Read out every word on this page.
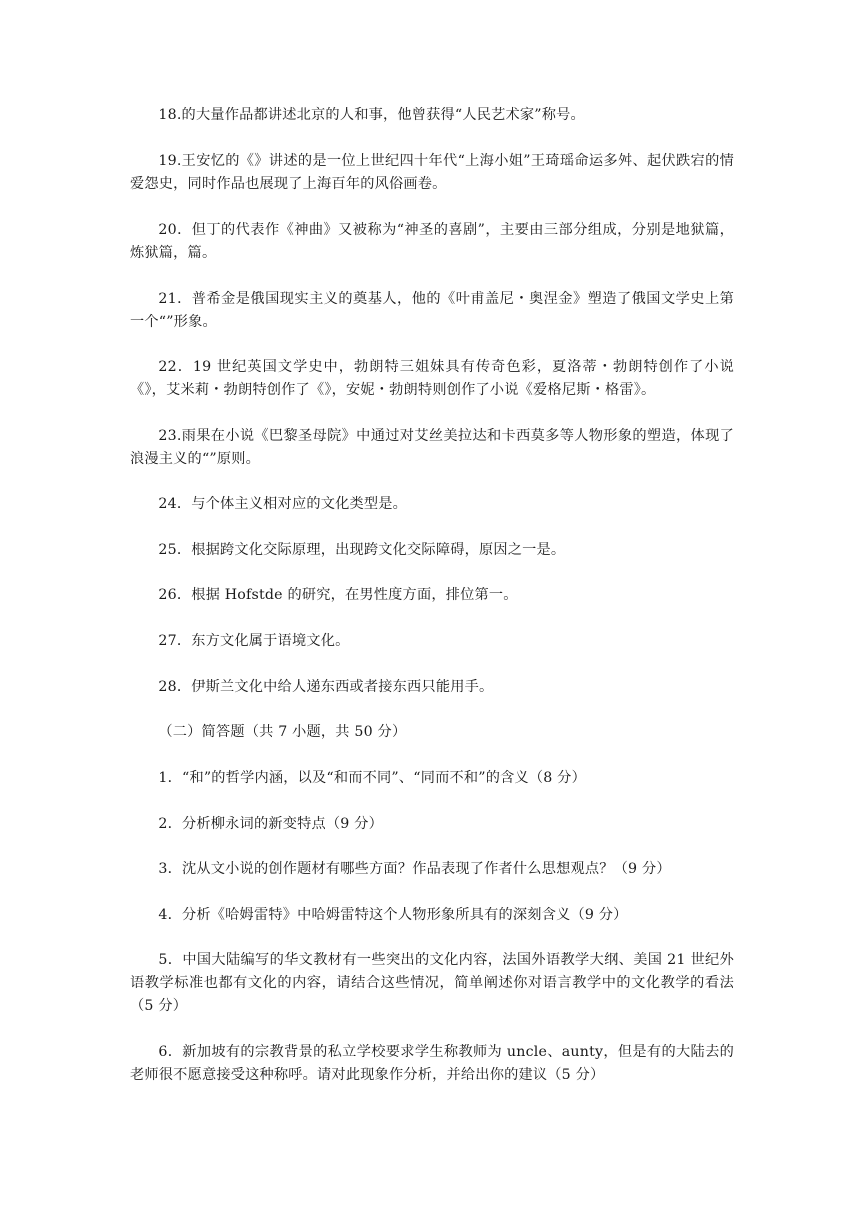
18.的大量作品都讲述北京的人和事，他曾获得“人民艺术家”称号。

19.王安忆的《》讲述的是一位上世纪四十年代“上海小姐”王琦瑶命运多舛、起伏跌宕的情爱怨史，同时作品也展现了上海百年的风俗画卷。

20．但丁的代表作《神曲》又被称为“神圣的喜剧”，主要由三部分组成，分别是地狱篇，炼狱篇，篇。

21．普希金是俄国现实主义的奠基人，他的《叶甫盖尼・奥涅金》塑造了俄国文学史上第一个“”形象。

22．19 世纪英国文学史中，勃朗特三姐妹具有传奇色彩，夏洛蒂・勃朗特创作了小说《》，艾米莉・勃朗特创作了《》，安妮・勃朗特则创作了小说《爱格尼斯・格雷》。

23.雨果在小说《巴黎圣母院》中通过对艾丝美拉达和卡西莫多等人物形象的塑造，体现了浪漫主义的“”原则。

24．与个体主义相对应的文化类型是。

25．根据跨文化交际原理，出现跨文化交际障碍，原因之一是。

26．根据 Hofstde 的研究，在男性度方面，排位第一。

27．东方文化属于语境文化。

28．伊斯兰文化中给人递东西或者接东西只能用手。

（二）简答题（共 7 小题，共 50 分）

1．“和”的哲学内涵，以及“和而不同”、“同而不和”的含义（8 分）

2．分析柳永词的新变特点（9 分）

3．沈从文小说的创作题材有哪些方面？作品表现了作者什么思想观点？（9 分）

4．分析《哈姆雷特》中哈姆雷特这个人物形象所具有的深刻含义（9 分）

5．中国大陆编写的华文教材有一些突出的文化内容，法国外语教学大纲、美国 21 世纪外语教学标准也都有文化的内容，请结合这些情况，简单阐述你对语言教学中的文化教学的看法（5 分）

6．新加坡有的宗教背景的私立学校要求学生称教师为 uncle、aunty，但是有的大陆去的老师很不愿意接受这种称呼。请对此现象作分析，并给出你的建议（5 分）
